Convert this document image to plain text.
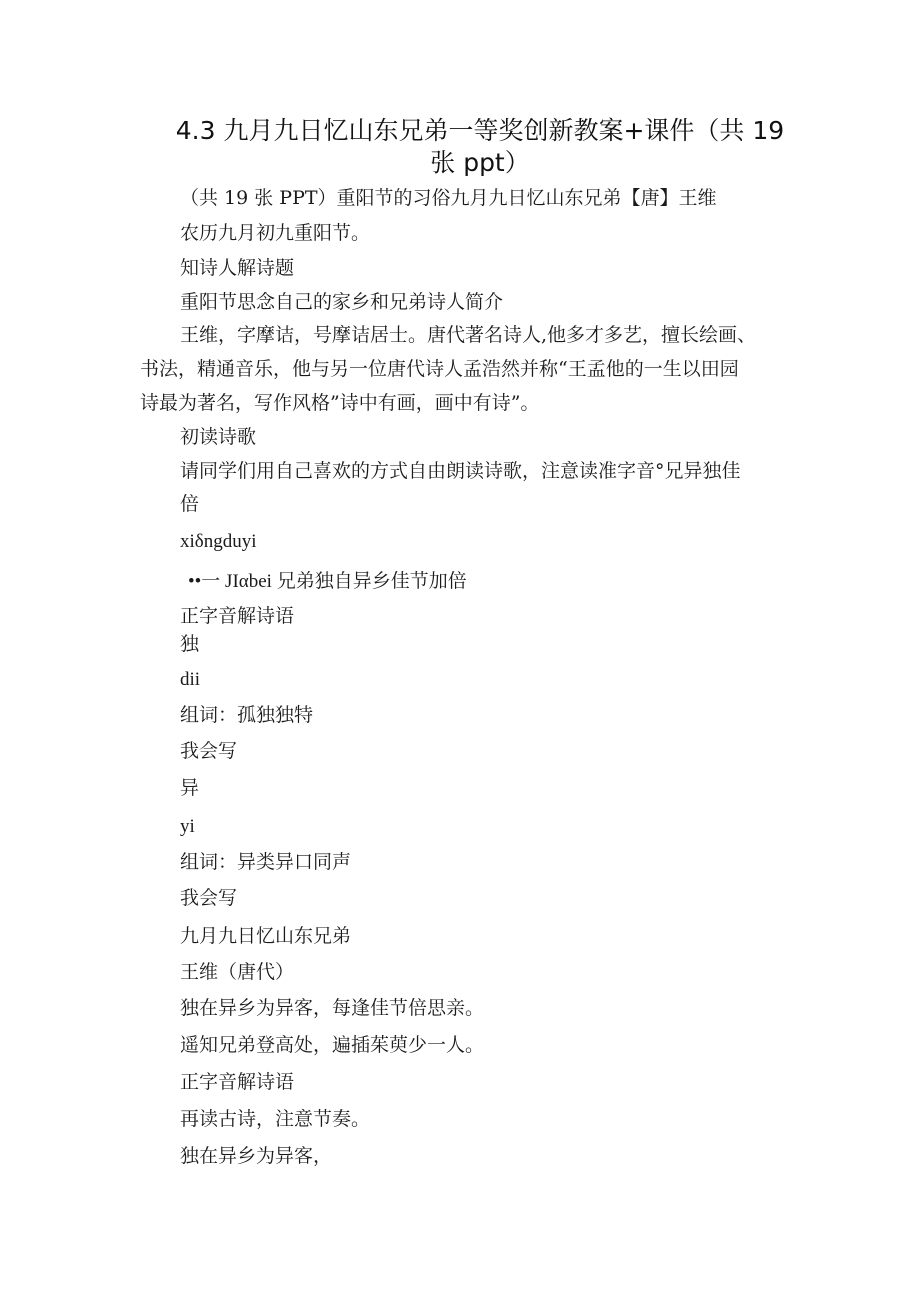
4.3 九月九日忆山东兄弟一等奖创新教案+课件（共 19
张 ppt）
（共 19 张 PPT）重阳节的习俗九月九日忆山东兄弟【唐】王维
农历九月初九重阳节。
知诗人解诗题
重阳节思念自己的家乡和兄弟诗人简介
王维，字摩诘，号摩诘居士。唐代著名诗人,他多才多艺，擅长绘画、
书法，精通音乐，他与另一位唐代诗人孟浩然并称“王孟他的一生以田园
诗最为著名，写作风格”诗中有画，画中有诗”。
初读诗歌
请同学们用自己喜欢的方式自由朗读诗歌，注意读准字音°兄异独佳
倍
xiδngduyi
••一 JIαbei 兄弟独自异乡佳节加倍
正字音解诗语
独
dii
组词：孤独独特
我会写
异
yi
组词：异类异口同声
我会写
九月九日忆山东兄弟
王维（唐代）
独在异乡为异客，每逢佳节倍思亲。
遥知兄弟登高处，遍插茱萸少一人。
正字音解诗语
再读古诗，注意节奏。
独在异乡为异客，
